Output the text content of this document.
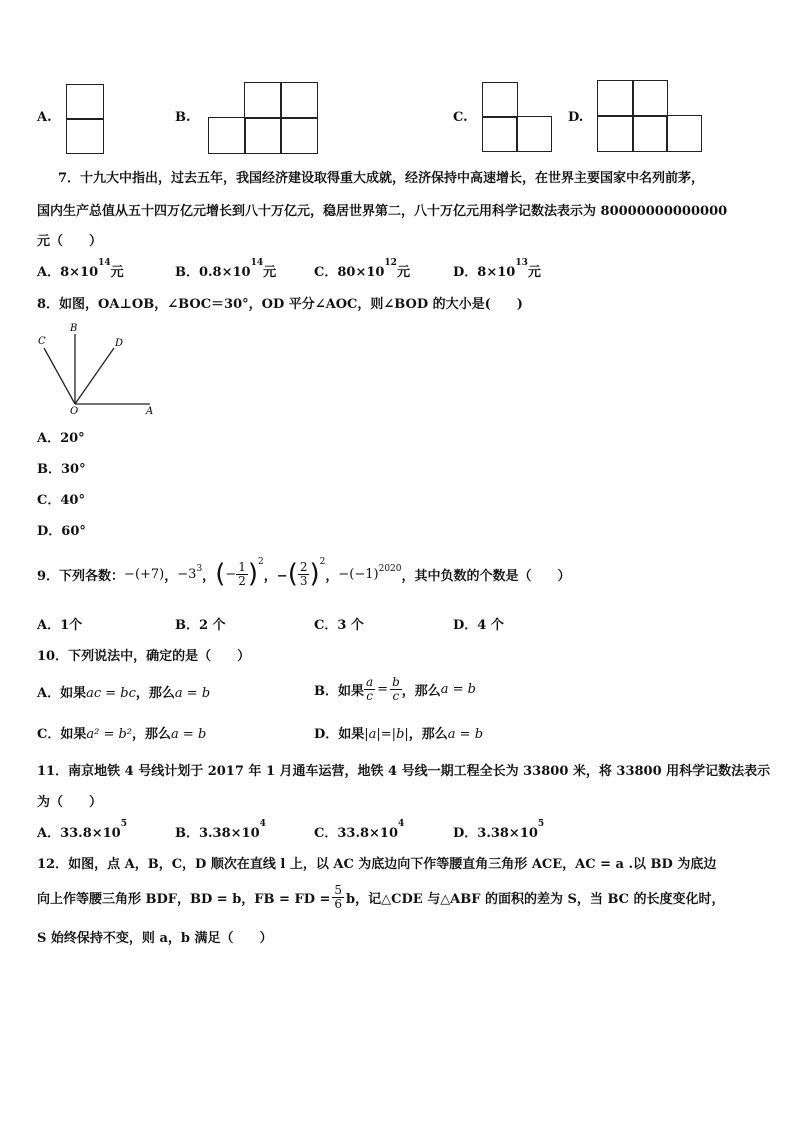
A.	B.	C.	D.
7．十九大中指出，过去五年，我国经济建设取得重大成就，经济保持中高速增长，在世界主要国家中名列前茅，
国内生产总值从五十四万亿元增长到八十万亿元，稳居世界第二，八十万亿元用科学记数法表示为 80000000000000
元（　　）
A．$8\times 10^{14}$元	B．$0.8\times 10^{14}$元	C．$80\times 10^{12}$元	D．$8\times 10^{13}$元
8．如图，OA⊥OB，∠BOC＝30°，OD 平分∠AOC，则∠BOD 的大小是(　　)
C
B
D
O	A
A．20°
B．30°
C．40°
D．60°
9．下列各数： −(+7) ， $-3^3$ ， ( − $\frac{1}{2} )^2$
，− ( $\frac{2}{3} )^2$
， $-(-1)^{2020}$ ，其中负数的个数是（　　）
A．1个	B．2 个	C．3 个	D．4 个
10．下列说法中，确定的是（　　）
A．如果ac = bc，那么a = b	B．如果 $\frac{a}{c} = \frac{b}{c}$ ，那么 a = b
C．如果a² = b²，那么a = b	D．如果|a|=|b|，那么a = b
11．南京地铁 4 号线计划于 2017 年 1 月通车运营，地铁 4 号线一期工程全长为 33800 米，将 33800 用科学记数法表示
为（　　）
A．$33.8\times 10^5$
B．$3.38\times 10^4$
C．$33.8\times 10^4$
D．$3.38\times 10^5$
12．如图，点 A，B，C，D 顺次在直线 l 上，以 AC 为底边向下作等腰直角三角形 ACE，AC = a .以 BD 为底边
向上作等腰三角形 BDF，BD = b，FB = FD = $\frac{5}{6}$ b，记△CDE 与△ABF 的面积的差为 S，当 BC 的长度变化时，
S 始终保持不变，则 a，b 满足（　　）
